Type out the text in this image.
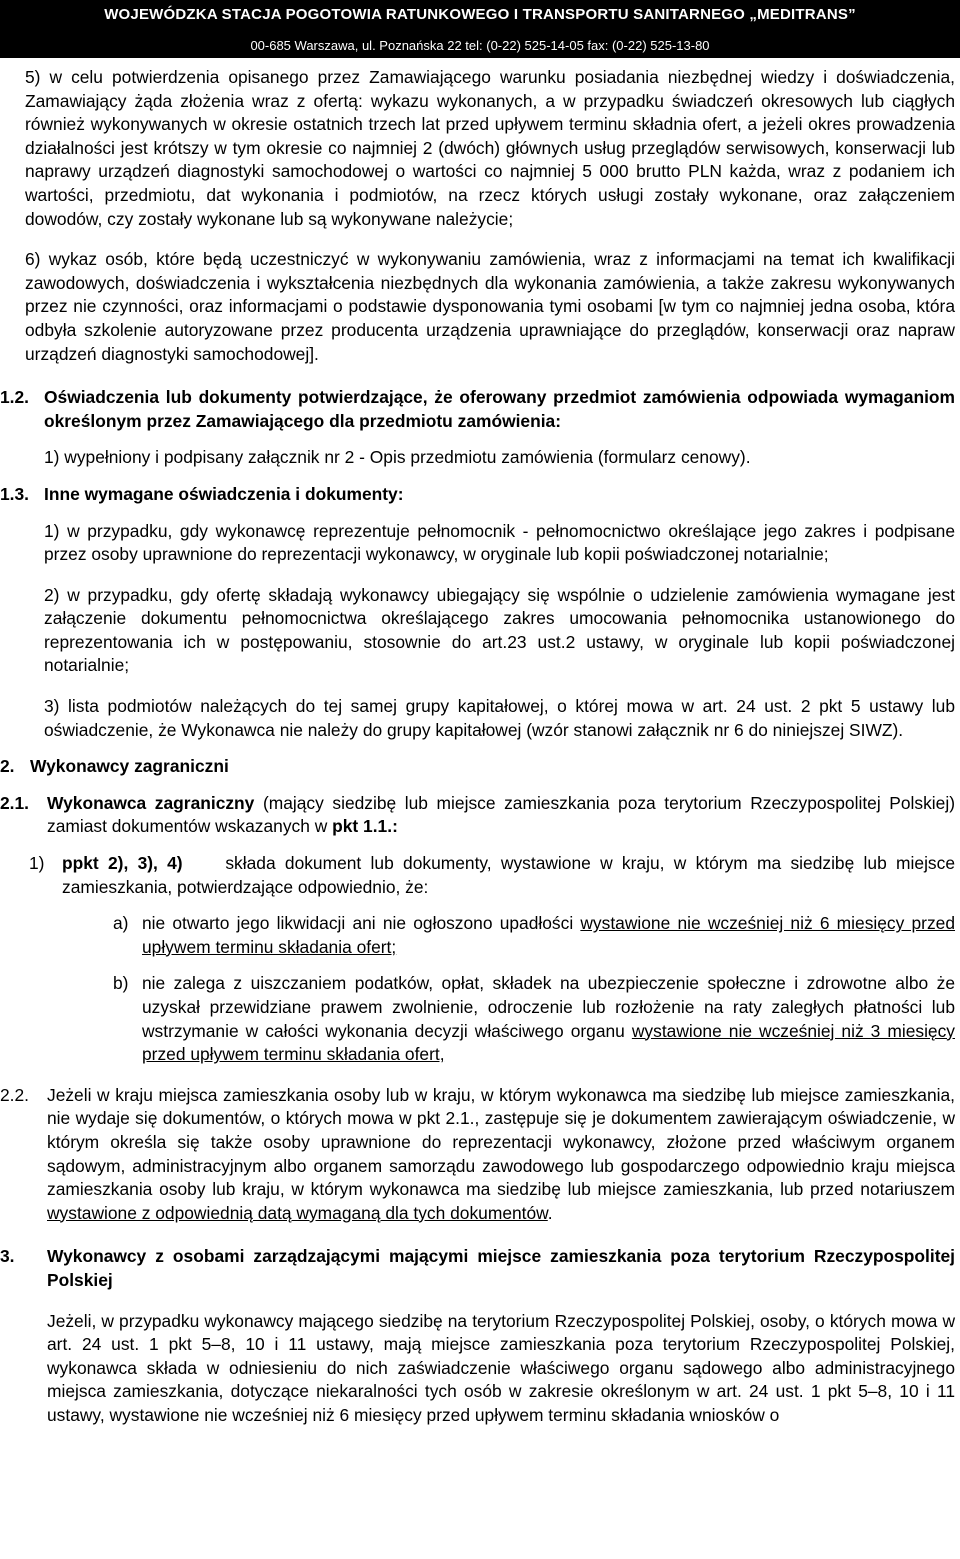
WOJEWÓDZKA STACJA POGOTOWIA RATUNKOWEGO I TRANSPORTU SANITARNEGO „MEDITRANS”
00-685 Warszawa, ul. Poznańska 22 tel: (0-22) 525-14-05 fax: (0-22) 525-13-80

5) w celu potwierdzenia opisanego przez Zamawiającego warunku posiadania niezbędnej wiedzy i doświadczenia, Zamawiający żąda złożenia wraz z ofertą: wykazu wykonanych, a w przypadku świadczeń okresowych lub ciągłych również wykonywanych w okresie ostatnich trzech lat przed upływem terminu składnia ofert, a jeżeli okres prowadzenia działalności jest krótszy w tym okresie co najmniej 2 (dwóch) głównych usług przeglądów serwisowych, konserwacji lub naprawy urządzeń diagnostyki samochodowej o wartości co najmniej 5 000 brutto PLN każda, wraz z podaniem ich wartości, przedmiotu, dat wykonania i podmiotów, na rzecz których usługi zostały wykonane, oraz załączeniem dowodów, czy zostały wykonane lub są wykonywane należycie;

6) wykaz osób, które będą uczestniczyć w wykonywaniu zamówienia, wraz z informacjami na temat ich kwalifikacji zawodowych, doświadczenia i wykształcenia niezbędnych dla wykonania zamówienia, a także zakresu wykonywanych przez nie czynności, oraz informacjami o podstawie dysponowania tymi osobami [w tym co najmniej jedna osoba, która odbyła szkolenie autoryzowane przez producenta urządzenia uprawniające do przeglądów, konserwacji oraz napraw urządzeń diagnostyki samochodowej].

1.2. Oświadczenia lub dokumenty potwierdzające, że oferowany przedmiot zamówienia odpowiada wymaganiom określonym przez Zamawiającego dla przedmiotu zamówienia:

1) wypełniony i podpisany załącznik nr 2 - Opis przedmiotu zamówienia (formularz cenowy).

1.3. Inne wymagane oświadczenia i dokumenty:

1) w przypadku, gdy wykonawcę reprezentuje pełnomocnik - pełnomocnictwo określające jego zakres i podpisane przez osoby uprawnione do reprezentacji wykonawcy, w oryginale lub kopii poświadczonej notarialnie;

2) w przypadku, gdy ofertę składają wykonawcy ubiegający się wspólnie o udzielenie zamówienia wymagane jest załączenie dokumentu pełnomocnictwa określającego zakres umocowania pełnomocnika ustanowionego do reprezentowania ich w postępowaniu, stosownie do art.23 ust.2 ustawy, w oryginale lub kopii poświadczonej notarialnie;

3) lista podmiotów należących do tej samej grupy kapitałowej, o której mowa w art. 24 ust. 2 pkt 5 ustawy lub oświadczenie, że Wykonawca nie należy do grupy kapitałowej (wzór stanowi załącznik nr 6 do niniejszej SIWZ).

2. Wykonawcy zagraniczni

2.1. Wykonawca zagraniczny (mający siedzibę lub miejsce zamieszkania poza terytorium Rzeczypospolitej Polskiej) zamiast dokumentów wskazanych w pkt 1.1.:

1)	ppkt 2), 3), 4)       składa dokument lub dokumenty, wystawione w kraju, w którym ma siedzibę lub miejsce zamieszkania, potwierdzające odpowiednio, że:

a) nie otwarto jego likwidacji ani nie ogłoszono upadłości wystawione nie wcześniej niż 6 miesięcy przed upływem terminu składania ofert;

b) nie zalega z uiszczaniem podatków, opłat, składek na ubezpieczenie społeczne i zdrowotne albo że uzyskał przewidziane prawem zwolnienie, odroczenie lub rozłożenie na raty zaległych płatności lub wstrzymanie w całości wykonania decyzji właściwego organu wystawione nie wcześniej niż 3 miesięcy przed upływem terminu składania ofert,

2.2. Jeżeli w kraju miejsca zamieszkania osoby lub w kraju, w którym wykonawca ma siedzibę lub miejsce zamieszkania, nie wydaje się dokumentów, o których mowa w pkt 2.1., zastępuje się je dokumentem zawierającym oświadczenie, w którym określa się także osoby uprawnione do reprezentacji wykonawcy, złożone przed właściwym organem sądowym, administracyjnym albo organem samorządu zawodowego lub gospodarczego odpowiednio kraju miejsca zamieszkania osoby lub kraju, w którym wykonawca ma siedzibę lub miejsce zamieszkania, lub przed notariuszem wystawione z odpowiednią datą wymaganą dla tych dokumentów.

3. Wykonawcy z osobami zarządzającymi mającymi miejsce zamieszkania poza terytorium Rzeczypospolitej Polskiej

Jeżeli, w przypadku wykonawcy mającego siedzibę na terytorium Rzeczypospolitej Polskiej, osoby, o których mowa w art. 24 ust. 1 pkt 5–8, 10 i 11 ustawy, mają miejsce zamieszkania poza terytorium Rzeczypospolitej Polskiej, wykonawca składa w odniesieniu do nich zaświadczenie właściwego organu sądowego albo administracyjnego miejsca zamieszkania, dotyczące niekaralności tych osób w zakresie określonym w art. 24 ust. 1 pkt 5–8, 10 i 11 ustawy, wystawione nie wcześniej niż 6 miesięcy przed upływem terminu składania wniosków o
